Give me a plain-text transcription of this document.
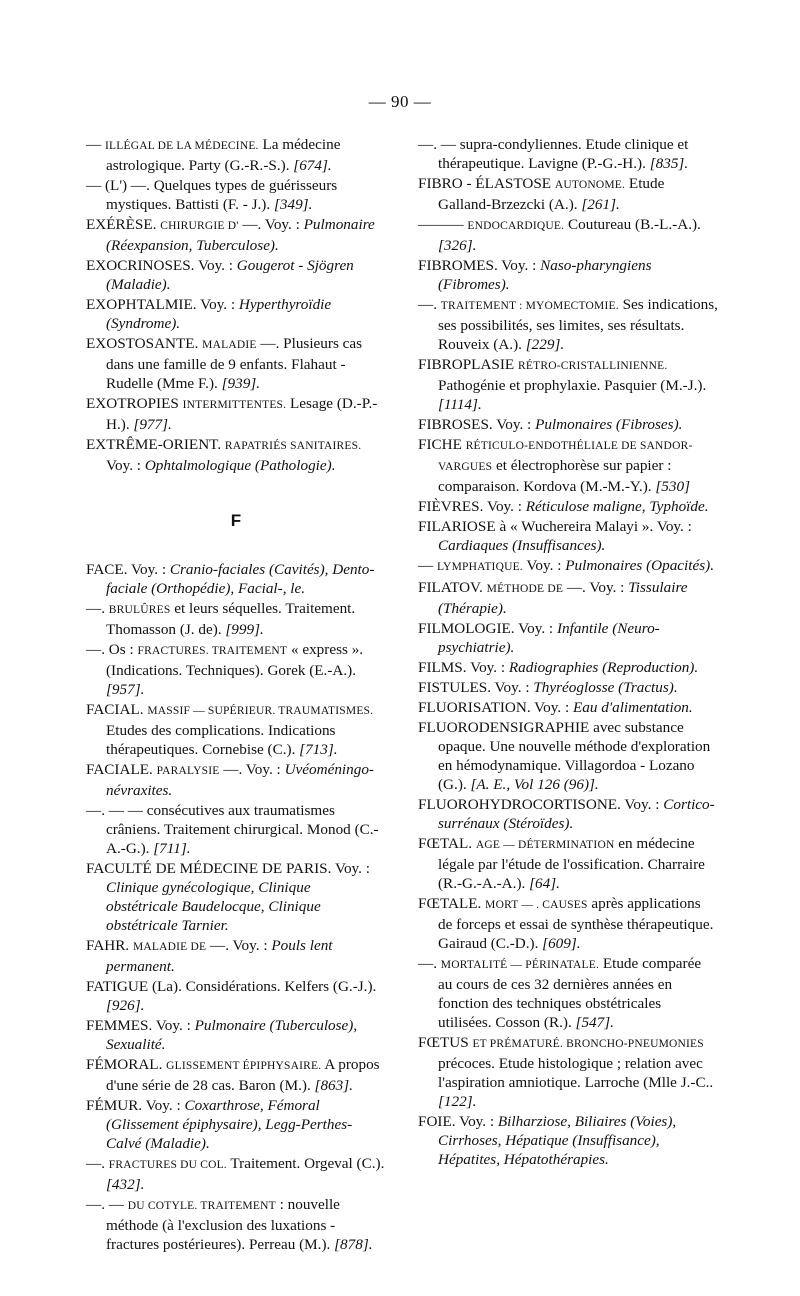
— 90 —
— ILLÉGAL DE LA MÉDECINE. La médecine astrologique. Party (G.-R.-S.). [674].
— (L') —. Quelques types de guérisseurs mystiques. Battisti (F. - J.). [349].
EXÉRÈSE. CHIRURGIE D' —. Voy. : Pulmonaire (Réexpansion, Tuberculose).
EXOCRINOSES. Voy. : Gougerot - Sjögren (Maladie).
EXOPHTALMIE. Voy. : Hyperthyroïdie (Syndrome).
EXOSTOSANTE. MALADIE —. Plusieurs cas dans une famille de 9 enfants. Flahaut - Rudelle (Mme F.). [939].
EXOTROPIES INTERMITTENTES. Lesage (D.-P.-H.). [977].
EXTRÊME-ORIENT. RAPATRIÉS SANITAIRES. Voy. : Ophtalmologique (Pathologie).
F
FACE. Voy. : Cranio-faciales (Cavités), Dento-faciale (Orthopédie), Facial-, le.
—. BRULÛRES et leurs séquelles. Traitement. Thomasson (J. de). [999].
—. Os : FRACTURES. TRAITEMENT « express ». (Indications. Techniques). Gorek (E.-A.). [957].
FACIAL. MASSIF — SUPÉRIEUR. TRAUMATISMES. Etudes des complications. Indications thérapeutiques. Cornebise (C.). [713].
FACIALE. PARALYSIE —. Voy. : Uvéoméningo-névraxites.
—. — — consécutives aux traumatismes crâniens. Traitement chirurgical. Monod (C.-A.-G.). [711].
FACULTÉ DE MÉDECINE DE PARIS. Voy. : Clinique gynécologique, Clinique obstétricale Baudelocque, Clinique obstétricale Tarnier.
FAHR. MALADIE DE —. Voy. : Pouls lent permanent.
FATIGUE (La). Considérations. Kelfers (G.-J.). [926].
FEMMES. Voy. : Pulmonaire (Tuberculose), Sexualité.
FÉMORAL. GLISSEMENT ÉPIPHYSAIRE. A propos d'une série de 28 cas. Baron (M.). [863].
FÉMUR. Voy. : Coxarthrose, Fémoral (Glissement épiphysaire), Legg-Perthes-Calvé (Maladie).
—. FRACTURES DU COL. Traitement. Orgeval (C.). [432].
—. — DU COTYLE. TRAITEMENT : nouvelle méthode (à l'exclusion des luxations - fractures postérieures). Perreau (M.). [878].
—. — supra-condyliennes. Etude clinique et thérapeutique. Lavigne (P.-G.-H.). [835].
FIBRO - ÉLASTOSE AUTONOME. Etude Galland-Brzezcki (A.). [261].
——— ENDOCARDIQUE. Coutureau (B.-L.-A.). [326].
FIBROMES. Voy. : Naso-pharyngiens (Fibromes).
—. TRAITEMENT : MYOMECTOMIE. Ses indications, ses possibilités, ses limites, ses résultats. Rouveix (A.). [229].
FIBROPLASIE RÉTRO-CRISTALLINIENNE. Pathogénie et prophylaxie. Pasquier (M.-J.). [1114].
FIBROSES. Voy. : Pulmonaires (Fibroses).
FICHE RÉTICULO-ENDOTHÉLIALE DE SANDOR-VARGUES et électrophorèse sur papier : comparaison. Kordova (M.-M.-Y.). [530]
FIÈVRES. Voy. : Réticulose maligne, Typhoïde.
FILARIOSE à « Wuchereira Malayi ». Voy. : Cardiaques (Insuffisances).
— LYMPHATIQUE. Voy. : Pulmonaires (Opacités).
FILATOV. MÉTHODE DE —. Voy. : Tissulaire (Thérapie).
FILMOLOGIE. Voy. : Infantile (Neuro-psychiatrie).
FILMS. Voy. : Radiographies (Reproduction).
FISTULES. Voy. : Thyréoglosse (Tractus).
FLUORISATION. Voy. : Eau d'alimentation.
FLUORODENSIGRAPHIE avec substance opaque. Une nouvelle méthode d'exploration en hémodynamique. Villagordoa - Lozano (G.). [A. E., Vol 126 (96)].
FLUOROHYDROCORTISONE. Voy. : Cortico-surrénaux (Stéroïdes).
FŒTAL. AGE — DÉTERMINATION en médecine légale par l'étude de l'ossification. Charraire (R.-G.-A.-A.). [64].
FŒTALE. MORT — . CAUSES après applications de forceps et essai de synthèse thérapeutique. Gairaud (C.-D.). [609].
—. MORTALITÉ — PÉRINATALE. Etude comparée au cours de ces 32 dernières années en fonction des techniques obstétricales utilisées. Cosson (R.). [547].
FŒTUS ET PRÉMATURÉ. BRONCHO-PNEUMONIES précoces. Etude histologique ; relation avec l'aspiration amniotique. Larroche (Mlle J.-C.. [122].
FOIE. Voy. : Bilharziose, Biliaires (Voies), Cirrhoses, Hépatique (Insuffisance), Hépatites, Hépatothérapies.
